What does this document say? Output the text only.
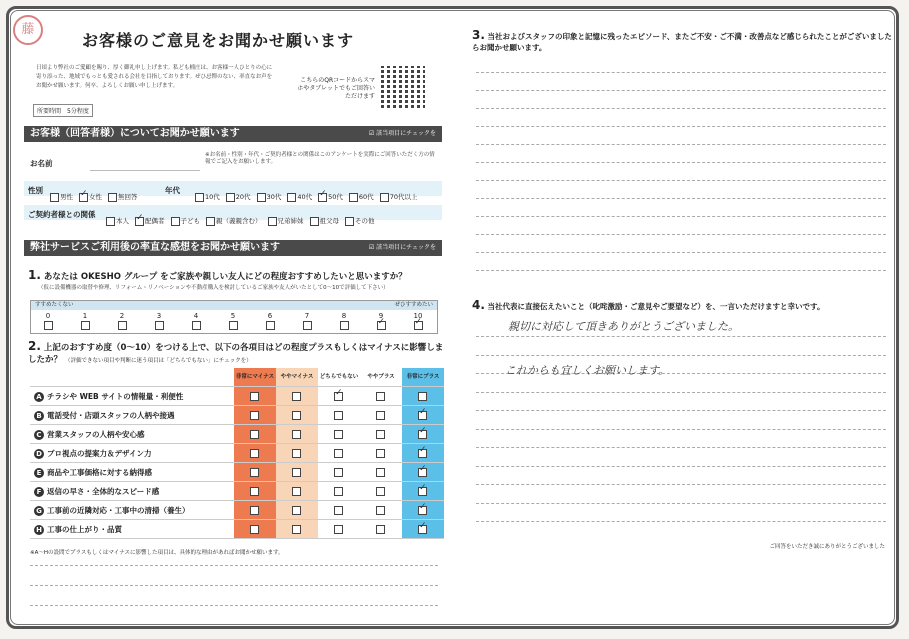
藤
お客様のご意見をお聞かせ願います
日頃より弊社のご愛顧を賜り、厚く御礼申し上げます。私ども桶庄は、お客様一人ひとりの心に寄り添った、地域でもっとも愛される会社を目指しております。ぜひ忌憚のない、率直なお声をお聞かせ願います。何卒、よろしくお願い申し上げます。
所要時間　5分程度
こちらのQRコードからスマホやタブレットでもご回答いただけます
お客様（回答者様）についてお聞かせ願います	☑ 該当項目にチェックを
お名前
※お名前・性別・年代・ご契約者様との関係はこのアンケートを実際にご回答いただく方の情報でご記入をお願いします。
性別
男性 ✓ 女性 無回答
年代
10代 20代 30代 40代 ✓ 50代 60代 70代以上
ご契約者様との関係
本人 ✓ 配偶者 子ども 親（義親含む） 兄弟姉妹 祖父母 その他
弊社サービスご利用後の率直な感想をお聞かせ願います	☑ 該当項目にチェックを
1. あなたは OKESHO グループ をご家族や親しい友人にどの程度おすすめしたいと思いますか？
（仮に設備機器の取替や修理、リフォーム・リノベーションや不動産購入を検討しているご家族や友人がいたとして0～10で評価して下さい）
すすめたくない	ぜひすすめたい
0	1	2	3	4	5	6	7	8	9
✓	10
✓
2. 上記のおすすめ度（0～10）をつける上で、以下の各項目はどの程度プラスもしくはマイナスに影響しましたか？ （評価できない項目や判断に迷う項目は「どちらでもない」にチェックを）
	非常にマイナス	ややマイナス	どちらでもない	ややプラス	非常にプラス
A チラシや WEB サイトの情報量・利便性			✓		
B 電話受付・店頭スタッフの人柄や接遇					✓
C 営業スタッフの人柄や安心感					✓
D プロ視点の提案力＆デザイン力					✓
E 商品や工事価格に対する納得感					✓
F 返信の早さ・全体的なスピード感					✓
G 工事前の近隣対応・工事中の清掃（養生）					✓
H 工事の仕上がり・品質					✓
※A～Hの設問でプラスもしくはマイナスに影響した項目は、具体的な理由があればお聞かせ願います。
3. 当社およびスタッフの印象と記憶に残ったエピソード、またご不安・ご不満・改善点など感じられたことがございましたらお聞かせ願います。
4. 当社代表に直接伝えたいこと（叱咤激励・ご意見やご要望など）を、一言いただけますと幸いです。
親切に対応して頂きありがとうございました。
これからも宜しくお願いします。
ご回答をいただき誠にありがとうございました
